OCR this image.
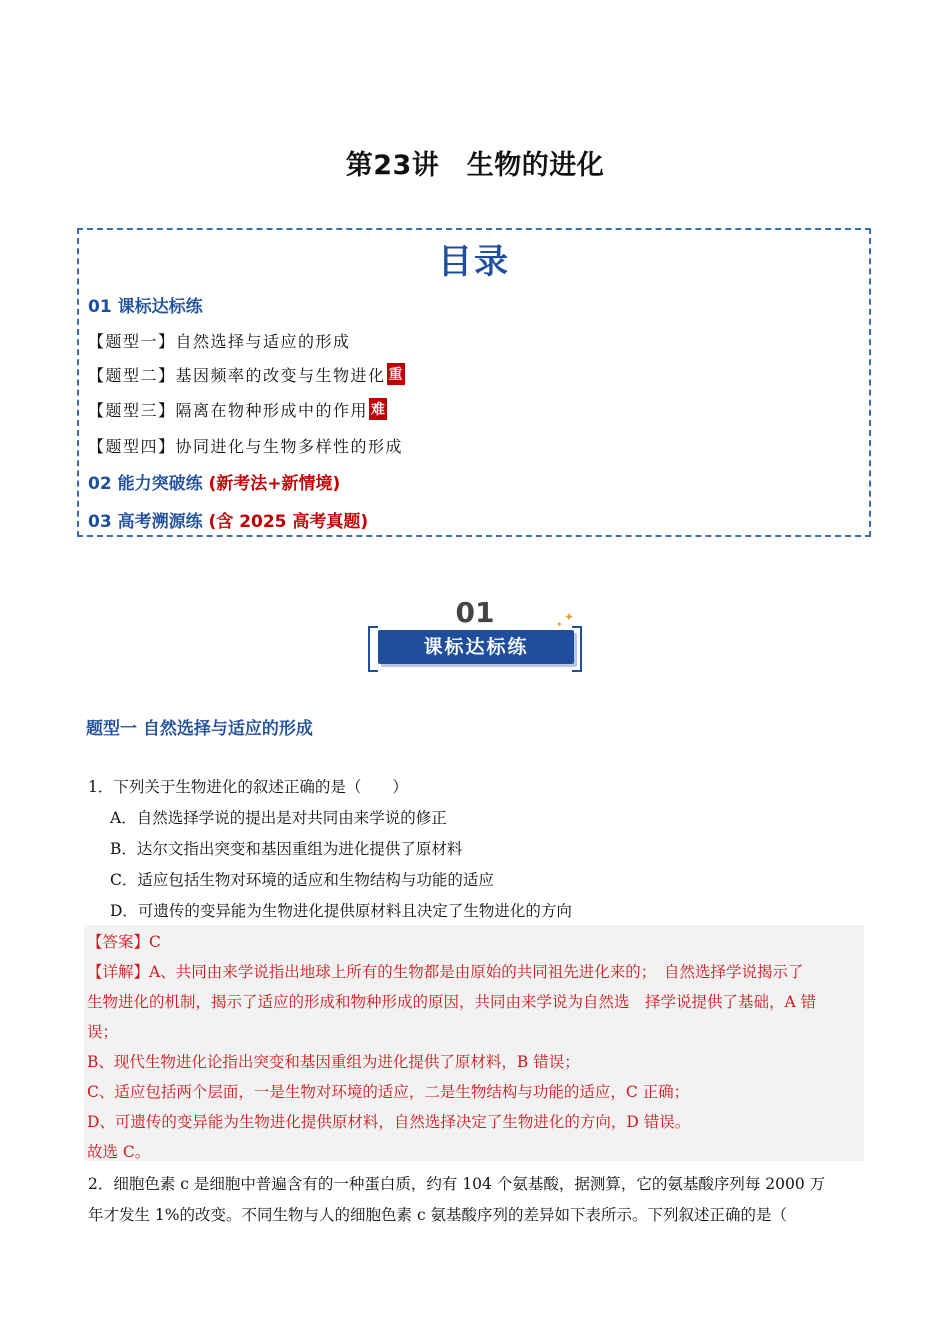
第23讲　生物的进化
目录
01 课标达标练
【题型一】自然选择与适应的形成
【题型二】基因频率的改变与生物进化 重
【题型三】隔离在物种形成中的作用 难
【题型四】协同进化与生物多样性的形成
02 能力突破练 (新考法+新情境)
03 高考溯源练 (含 2025 高考真题)
01
课标达标练
✦
✦
题型一 自然选择与适应的形成
1．下列关于生物进化的叙述正确的是（　　）
A．自然选择学说的提出是对共同由来学说的修正
B．达尔文指出突变和基因重组为进化提供了原材料
C．适应包括生物对环境的适应和生物结构与功能的适应
D．可遗传的变异能为生物进化提供原材料且决定了生物进化的方向
【答案】C
【详解】A、共同由来学说指出地球上所有的生物都是由原始的共同祖先进化来的；　自然选择学说揭示了
生物进化的机制，揭示了适应的形成和物种形成的原因，共同由来学说为自然选　择学说提供了基础，A 错
误；
B、现代生物进化论指出突变和基因重组为进化提供了原材料，B 错误；
C、适应包括两个层面，一是生物对环境的适应，二是生物结构与功能的适应，C 正确；
D、可遗传的变异能为生物进化提供原材料，自然选择决定了生物进化的方向，D 错误。
故选 C。
2．细胞色素 c 是细胞中普遍含有的一种蛋白质，约有 104 个氨基酸，据测算，它的氨基酸序列每 2000 万
年才发生 1%的改变。不同生物与人的细胞色素 c 氨基酸序列的差异如下表所示。下列叙述正确的是（
